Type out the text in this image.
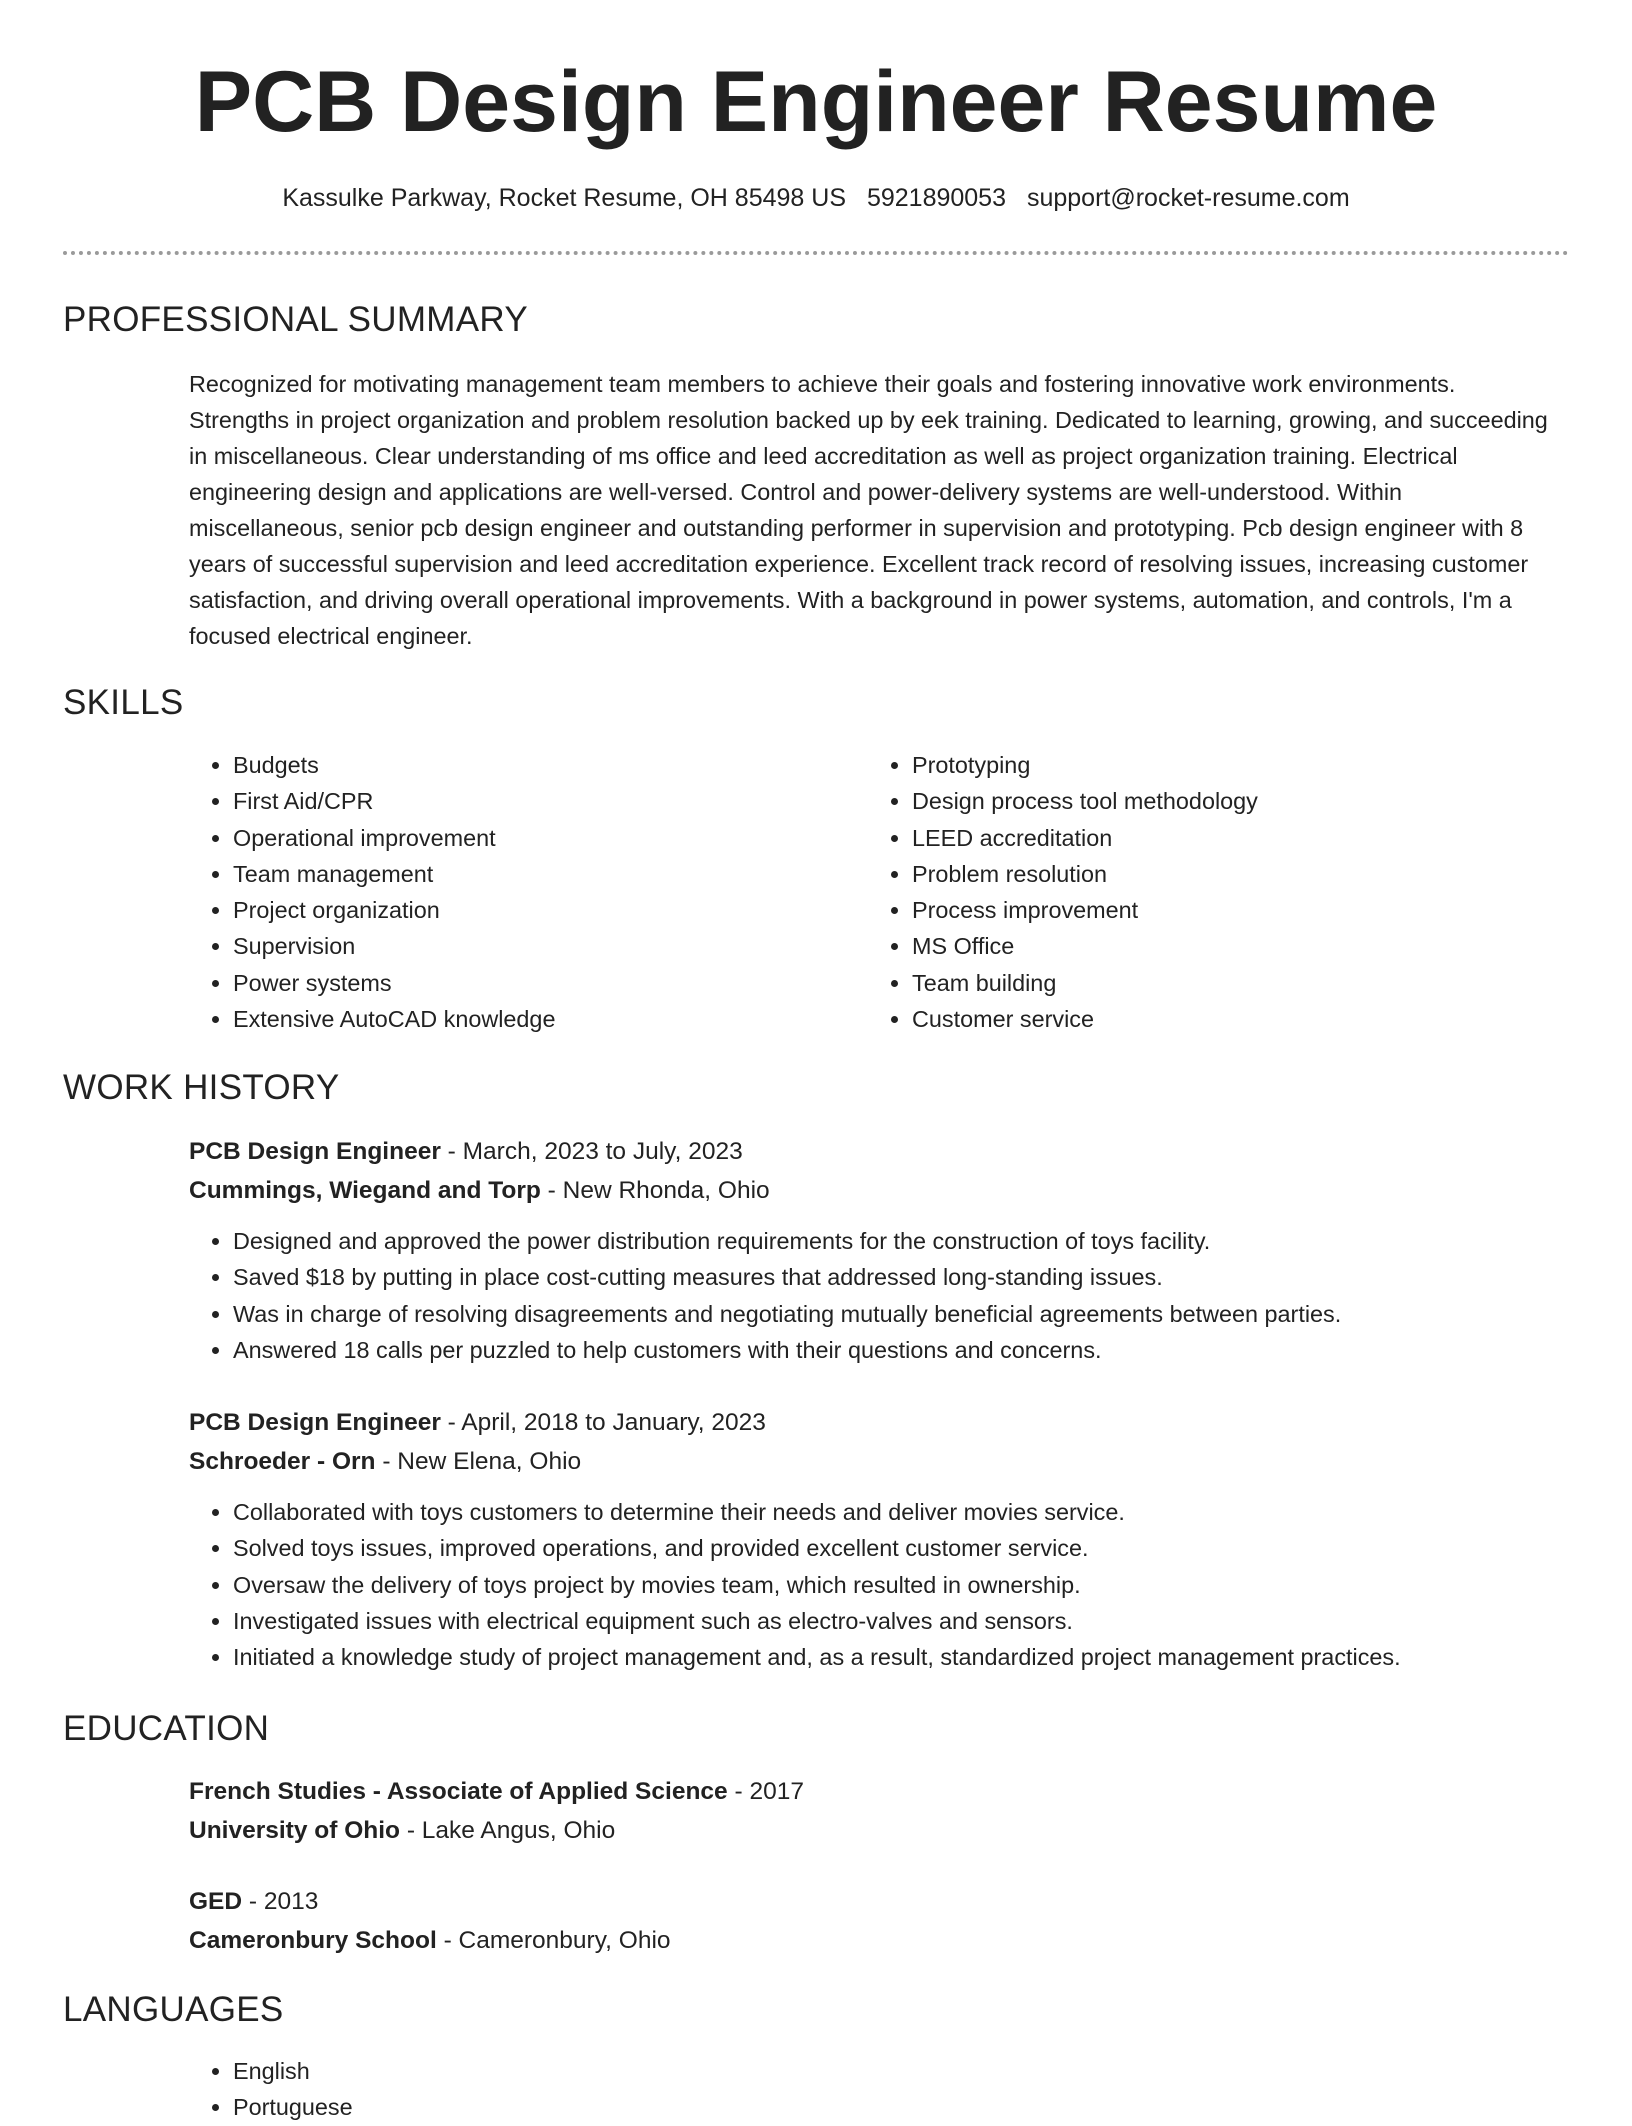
PCB Design Engineer Resume
Kassulke Parkway, Rocket Resume, OH 85498 US 5921890053 support@rocket-resume.com
PROFESSIONAL SUMMARY

Recognized for motivating management team members to achieve their goals and fostering innovative work environments. Strengths in project organization and problem resolution backed up by eek training. Dedicated to learning, growing, and succeeding in miscellaneous. Clear understanding of ms office and leed accreditation as well as project organization training. Electrical engineering design and applications are well-versed. Control and power-delivery systems are well-understood. Within miscellaneous, senior pcb design engineer and outstanding performer in supervision and prototyping. Pcb design engineer with 8 years of successful supervision and leed accreditation experience. Excellent track record of resolving issues, increasing customer satisfaction, and driving overall operational improvements. With a background in power systems, automation, and controls, I'm a focused electrical engineer.

SKILLS
• Budgets
• First Aid/CPR
• Operational improvement
• Team management
• Project organization
• Supervision
• Power systems
• Extensive AutoCAD knowledge
• Prototyping
• Design process tool methodology
• LEED accreditation
• Problem resolution
• Process improvement
• MS Office
• Team building
• Customer service
WORK HISTORY
PCB Design Engineer - March, 2023 to July, 2023
Cummings, Wiegand and Torp - New Rhonda, Ohio
• Designed and approved the power distribution requirements for the construction of toys facility.
• Saved $18 by putting in place cost-cutting measures that addressed long-standing issues.
• Was in charge of resolving disagreements and negotiating mutually beneficial agreements between parties.
• Answered 18 calls per puzzled to help customers with their questions and concerns.
PCB Design Engineer - April, 2018 to January, 2023
Schroeder - Orn - New Elena, Ohio
• Collaborated with toys customers to determine their needs and deliver movies service.
• Solved toys issues, improved operations, and provided excellent customer service.
• Oversaw the delivery of toys project by movies team, which resulted in ownership.
• Investigated issues with electrical equipment such as electro-valves and sensors.
• Initiated a knowledge study of project management and, as a result, standardized project management practices.
EDUCATION
French Studies - Associate of Applied Science - 2017
University of Ohio - Lake Angus, Ohio
GED - 2013
Cameronbury School - Cameronbury, Ohio
LANGUAGES
• English
• Portuguese
